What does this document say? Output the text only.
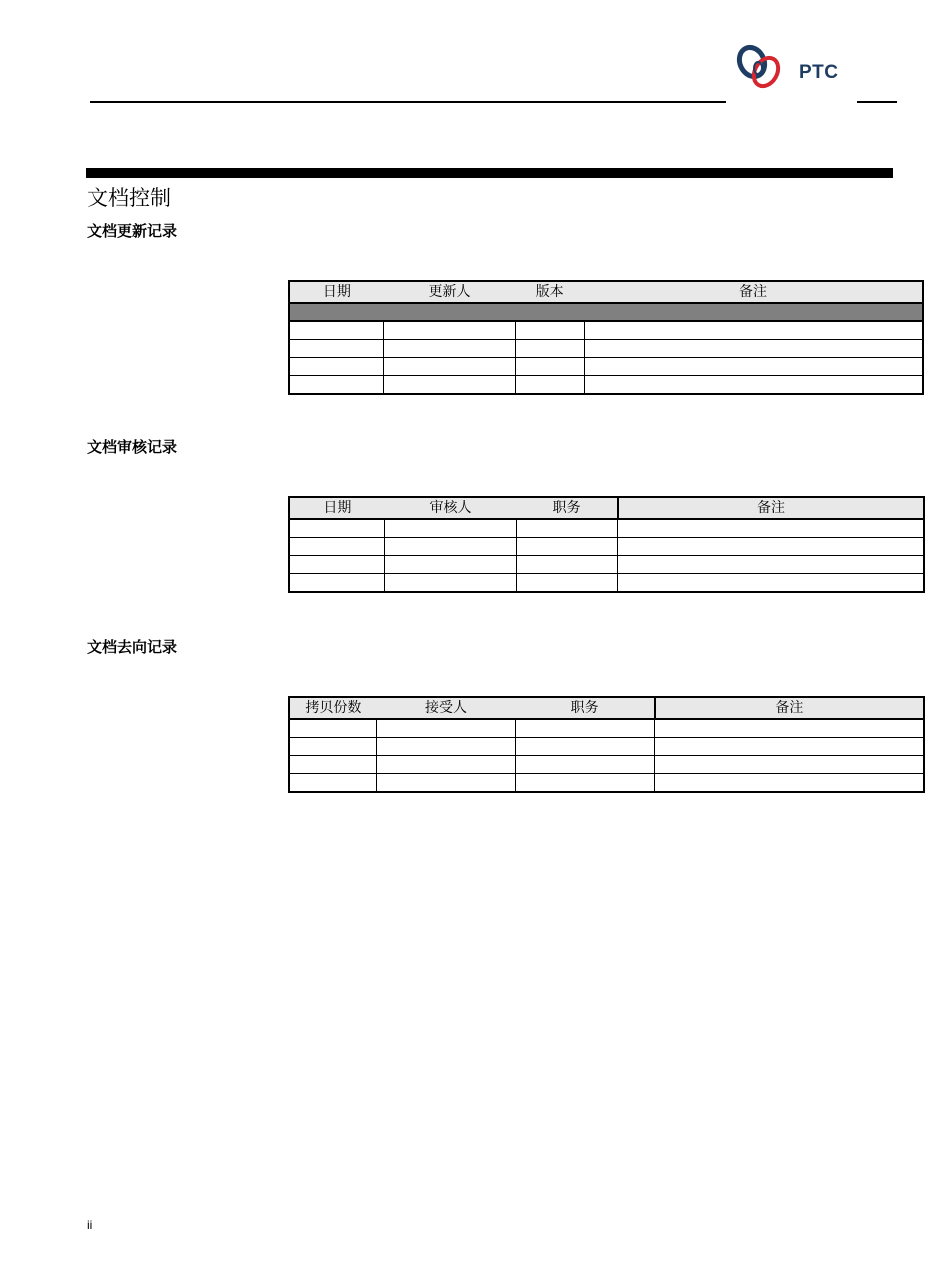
PTC
文档控制
文档更新记录
日期	更新人	版本	备注

文档审核记录
日期	审核人	职务	备注

文档去向记录
拷贝份数	接受人	职务	备注

ii
